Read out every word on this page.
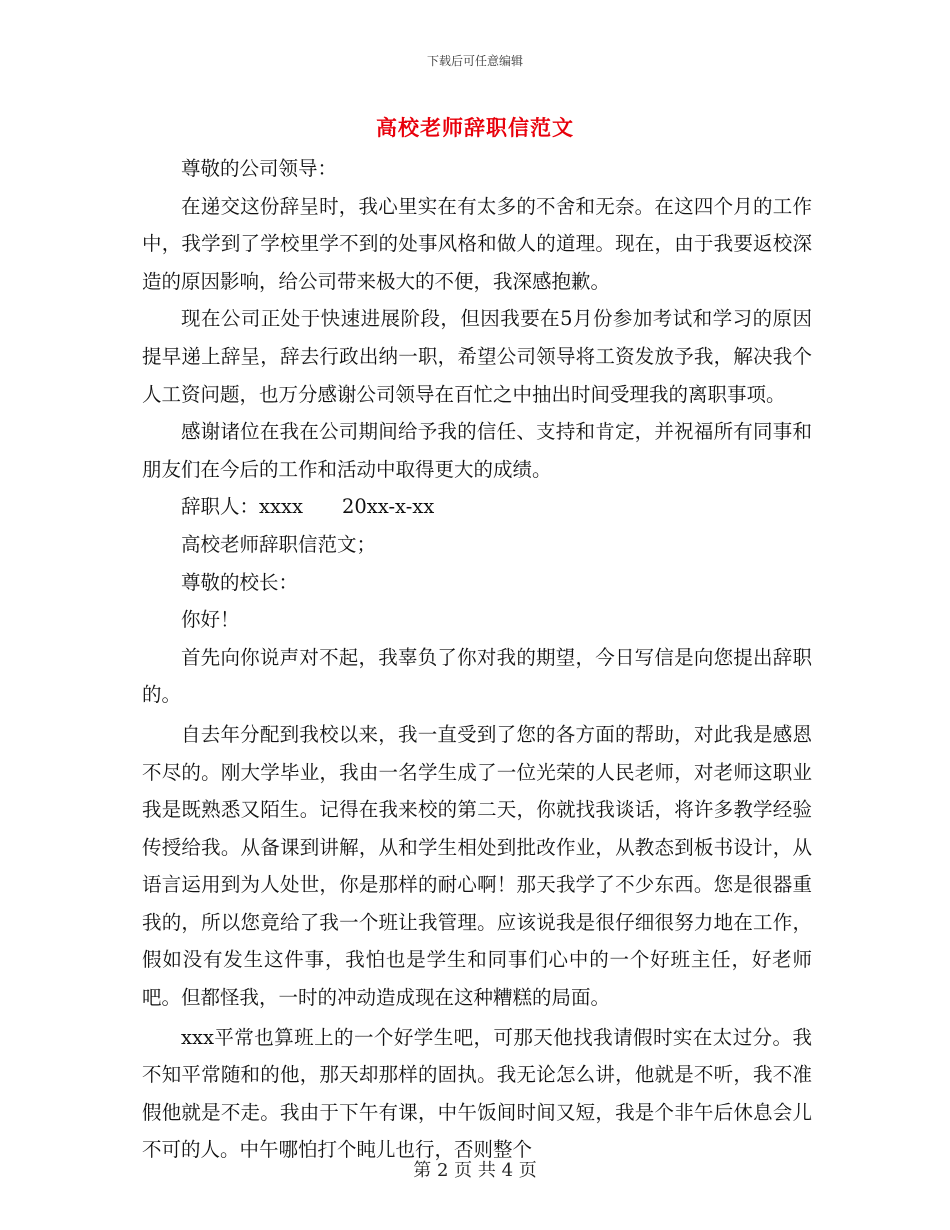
下载后可任意编辑
高校老师辞职信范文

尊敬的公司领导：

在递交这份辞呈时，我心里实在有太多的不舍和无奈。在这四个月的工作中，我学到了学校里学不到的处事风格和做人的道理。现在，由于我要返校深造的原因影响，给公司带来极大的不便，我深感抱歉。

现在公司正处于快速进展阶段，但因我要在5月份参加考试和学习的原因提早递上辞呈，辞去行政出纳一职，希望公司领导将工资发放予我，解决我个人工资问题，也万分感谢公司领导在百忙之中抽出时间受理我的离职事项。

感谢诸位在我在公司期间给予我的信任、支持和肯定，并祝福所有同事和朋友们在今后的工作和活动中取得更大的成绩。

辞职人：xxxx　　20xx-x-xx

高校老师辞职信范文；

尊敬的校长：

你好！

首先向你说声对不起，我辜负了你对我的期望，今日写信是向您提出辞职的。

自去年分配到我校以来，我一直受到了您的各方面的帮助，对此我是感恩不尽的。刚大学毕业，我由一名学生成了一位光荣的人民老师，对老师这职业我是既熟悉又陌生。记得在我来校的第二天，你就找我谈话，将许多教学经验传授给我。从备课到讲解，从和学生相处到批改作业，从教态到板书设计，从语言运用到为人处世，你是那样的耐心啊！那天我学了不少东西。您是很器重我的，所以您竟给了我一个班让我管理。应该说我是很仔细很努力地在工作，假如没有发生这件事，我怕也是学生和同事们心中的一个好班主任，好老师吧。但都怪我，一时的冲动造成现在这种糟糕的局面。

xxx平常也算班上的一个好学生吧，可那天他找我请假时实在太过分。我不知平常随和的他，那天却那样的固执。我无论怎么讲，他就是不听，我不准假他就是不走。我由于下午有课，中午饭间时间又短，我是个非午后休息会儿不可的人。中午哪怕打个盹儿也行，否则整个

第 2 页 共 4 页
